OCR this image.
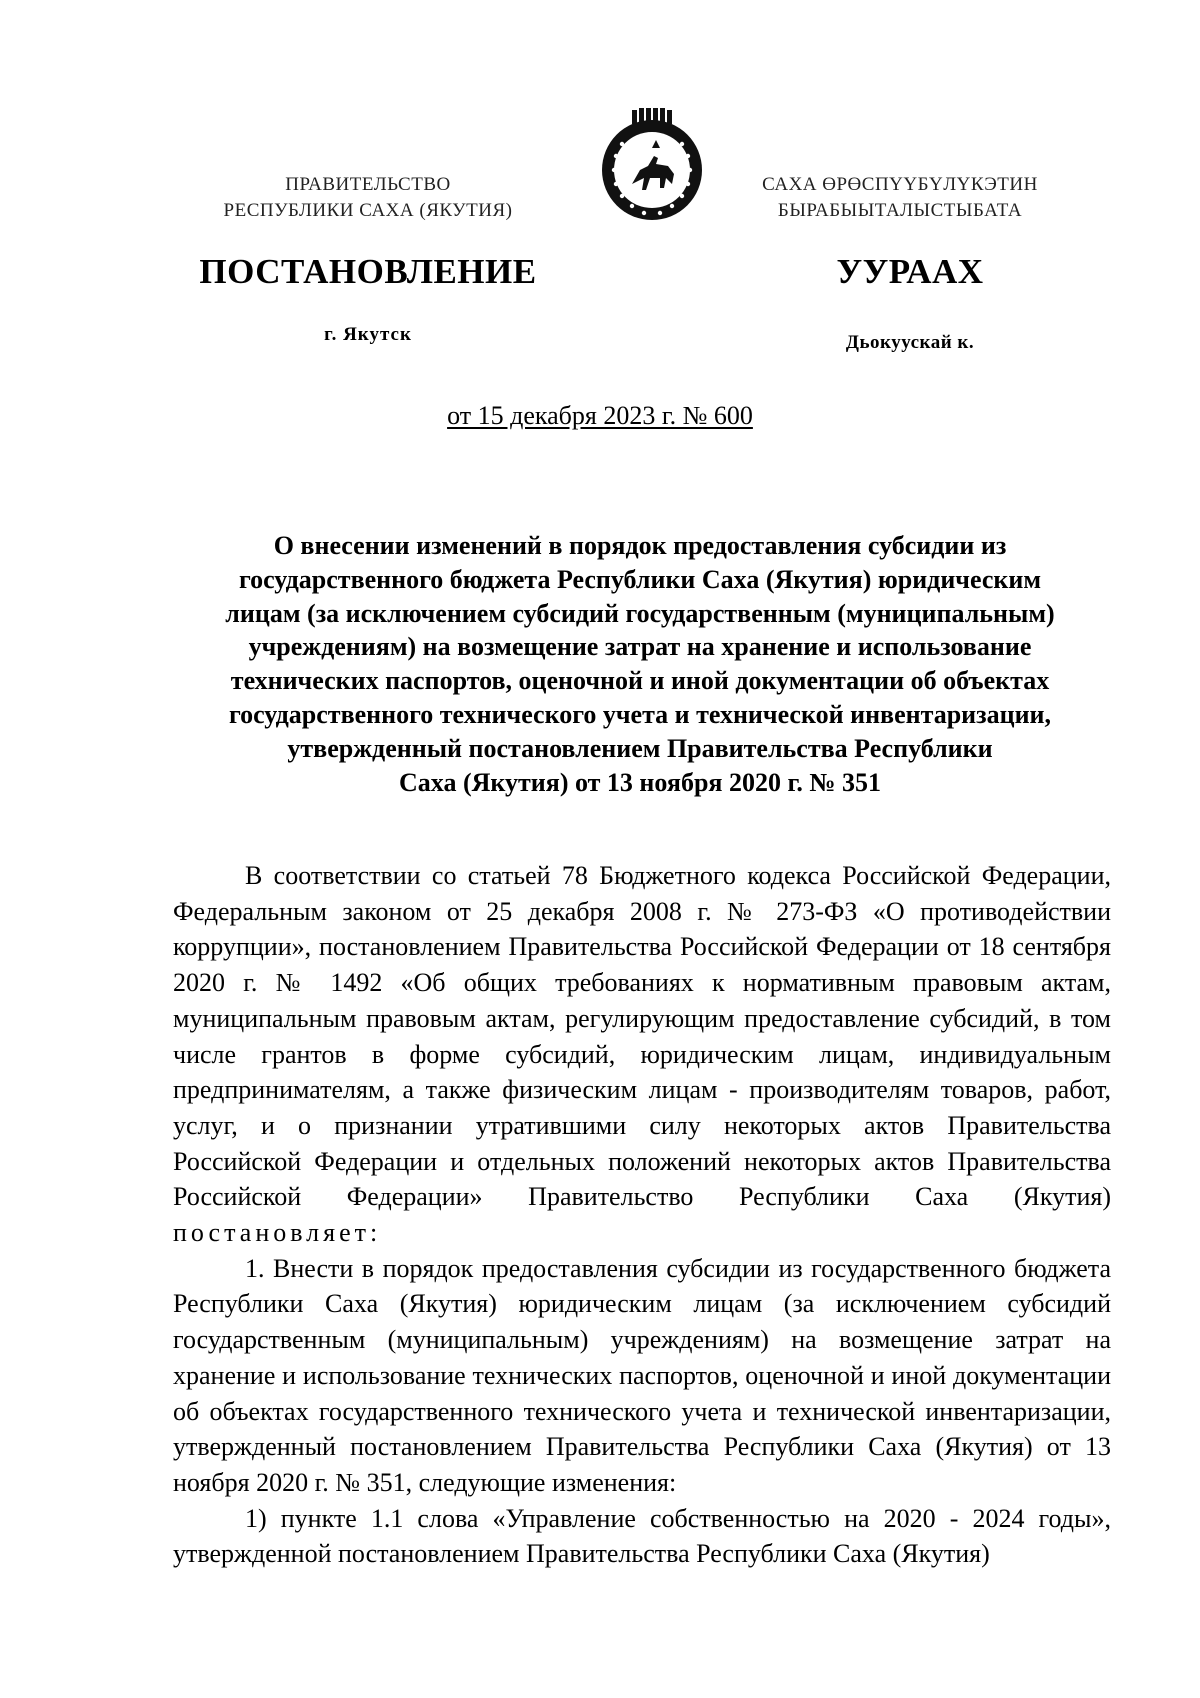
ПРАВИТЕЛЬСТВО
РЕСПУБЛИКИ САХА (ЯКУТИЯ)
САХА ӨРӨСПҮҮБҮЛҮКЭТИН
БЫРАБЫЫТАЛЫСТЫБАТА
ПОСТАНОВЛЕНИЕ	УУРААХ
г. Якутск	Дьокуускай к.
от 15 декабря 2023 г. № 600
О внесении изменений в порядок предоставления субсидии из
государственного бюджета Республики Саха (Якутия) юридическим
лицам (за исключением субсидий государственным (муниципальным)
учреждениям) на возмещение затрат на хранение и использование
технических паспортов, оценочной и иной документации об объектах
государственного технического учета и технической инвентаризации,
утвержденный постановлением Правительства Республики
Саха (Якутия) от 13 ноября 2020 г. № 351

В соответствии со статьей 78 Бюджетного кодекса Российской Федерации, Федеральным законом от 25 декабря 2008 г. № 273-ФЗ «О противодействии коррупции», постановлением Правительства Российской Федерации от 18 сентября 2020 г. № 1492 «Об общих требованиях к нормативным правовым актам, муниципальным правовым актам, регулирующим предоставление субсидий, в том числе грантов в форме субсидий, юридическим лицам, индивидуальным предпринимателям, а также физическим лицам - производителям товаров, работ, услуг, и о признании утратившими силу некоторых актов Правительства Российской Федерации и отдельных положений некоторых актов Правительства Российской Федерации» Правительство Республики Саха (Якутия) постановляет:

1. Внести в порядок предоставления субсидии из государственного бюджета Республики Саха (Якутия) юридическим лицам (за исключением субсидий государственным (муниципальным) учреждениям) на возмещение затрат на хранение и использование технических паспортов, оценочной и иной документации об объектах государственного технического учета и технической инвентаризации, утвержденный постановлением Правительства Республики Саха (Якутия) от 13 ноября 2020 г. № 351, следующие изменения:

1) пункте 1.1 слова «Управление собственностью на 2020 - 2024 годы», утвержденной постановлением Правительства Республики Саха (Якутия)
